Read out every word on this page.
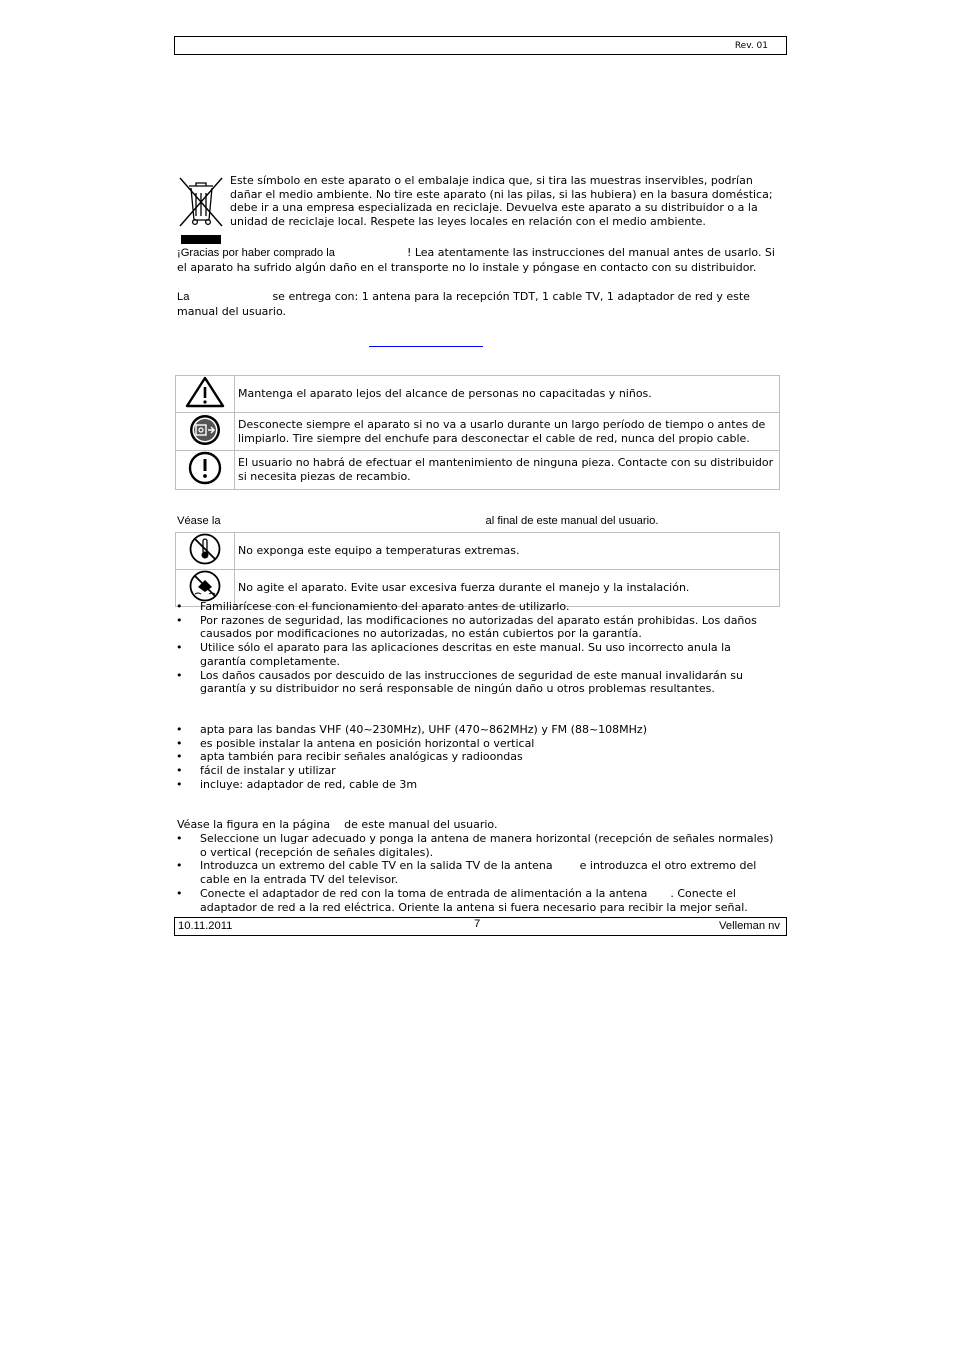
Rev. 01
Este símbolo en este aparato o el embalaje indica que, si tira las muestras inservibles, podrían dañar el medio ambiente. No tire este aparato (ni las pilas, si las hubiera) en la basura doméstica; debe ir a una empresa especializada en reciclaje. Devuelva este aparato a su distribuidor o a la unidad de reciclaje local. Respete las leyes locales en relación con el medio ambiente.
¡Gracias por haber comprado la	! Lea atentamente las instrucciones del manual antes de usarlo. Si el aparato ha sufrido algún daño en el transporte no lo instale y póngase en contacto con su distribuidor.
La	se entrega con: 1 antena para la recepción TDT, 1 cable TV, 1 adaptador de red y este manual del usuario.
	Mantenga el aparato lejos del alcance de personas no capacitadas y niños.
	Desconecte siempre el aparato si no va a usarlo durante un largo período de tiempo o antes de limpiarlo. Tire siempre del enchufe para desconectar el cable de red, nunca del propio cable.
	El usuario no habrá de efectuar el mantenimiento de ninguna pieza. Contacte con su distribuidor si necesita piezas de recambio.
Véase la	al final de este manual del usuario.
	No exponga este equipo a temperaturas extremas.
	No agite el aparato. Evite usar excesiva fuerza durante el manejo y la instalación.
• Familiarícese con el funcionamiento del aparato antes de utilizarlo.
• Por razones de seguridad, las modificaciones no autorizadas del aparato están prohibidas. Los daños causados por modificaciones no autorizadas, no están cubiertos por la garantía.
• Utilice sólo el aparato para las aplicaciones descritas en este manual. Su uso incorrecto anula la garantía completamente.
• Los daños causados por descuido de las instrucciones de seguridad de este manual invalidarán su garantía y su distribuidor no será responsable de ningún daño u otros problemas resultantes.
• apta para las bandas VHF (40~230MHz), UHF (470~862MHz) y FM (88~108MHz)
• es posible instalar la antena en posición horizontal o vertical
• apta también para recibir señales analógicas y radioondas
• fácil de instalar y utilizar
• incluye: adaptador de red, cable de 3m
Véase la figura en la página de este manual del usuario.
• Seleccione un lugar adecuado y ponga la antena de manera horizontal (recepción de señales normales) o vertical (recepción de señales digitales).
• Introduzca un extremo del cable TV en la salida TV de la antena e introduzca el otro extremo del cable en la entrada TV del televisor.
• Conecte el adaptador de red con la toma de entrada de alimentación a la antena . Conecte el adaptador de red a la red eléctrica. Oriente la antena si fuera necesario para recibir la mejor señal.
10.11.2011	7	Velleman nv
